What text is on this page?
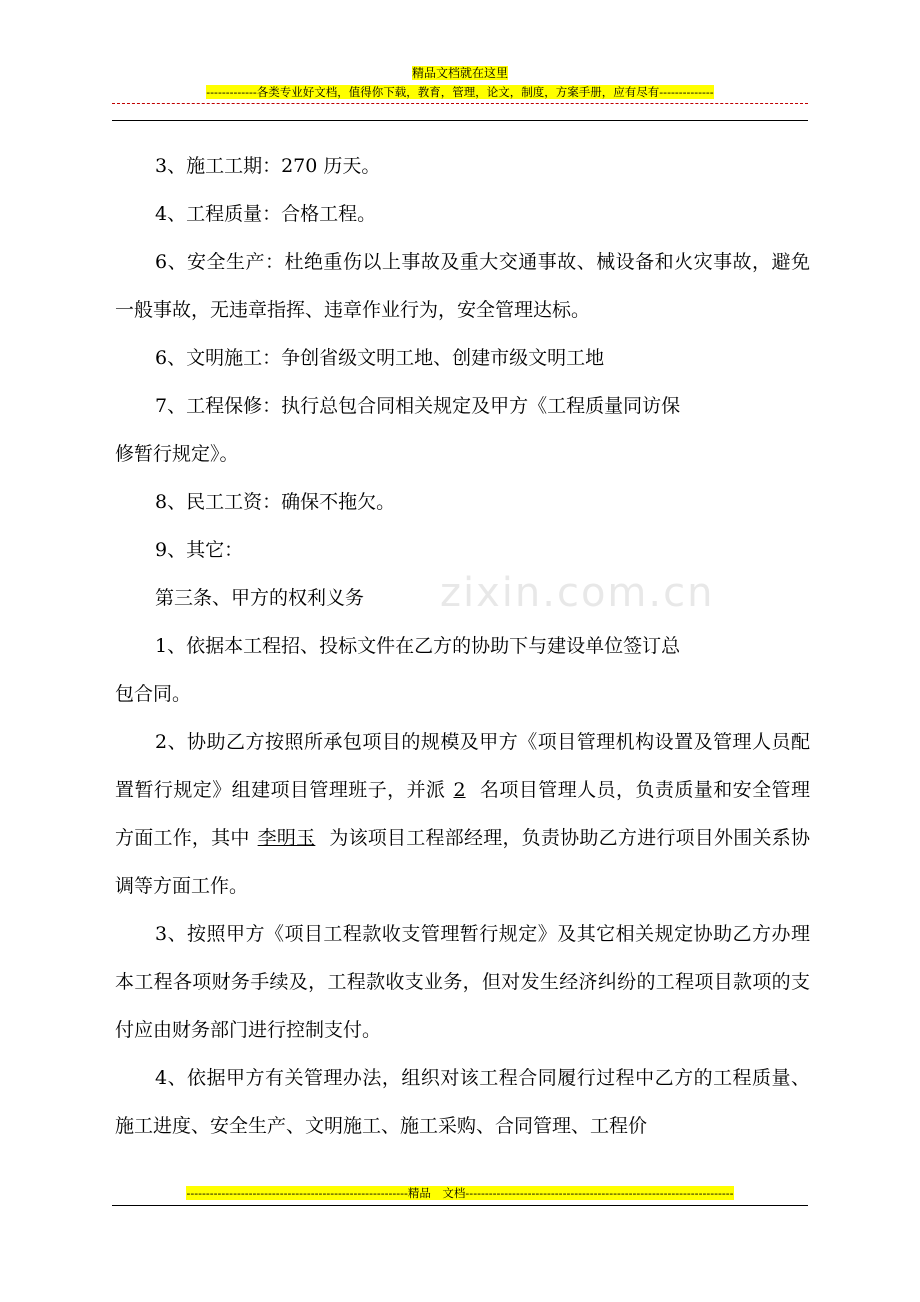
精品文档就在这里
-------------各类专业好文档，值得你下载，教育，管理，论文，制度，方案手册，应有尽有--------------

3、施工工期：270 历天。

4、工程质量：合格工程。

6、安全生产：杜绝重伤以上事故及重大交通事故、械设备和火灾事故，避免一般事故，无违章指挥、违章作业行为，安全管理达标。

6、文明施工：争创省级文明工地、创建市级文明工地

7、工程保修：执行总包合同相关规定及甲方《工程质量同访保

修暂行规定》。

8、民工工资：确保不拖欠。

9、其它：

第三条、甲方的权利义务

1、依据本工程招、投标文件在乙方的协助下与建设单位签订总

包合同。

2、协助乙方按照所承包项目的规模及甲方《项目管理机构设置及管理人员配置暂行规定》组建项目管理班子，并派 2 名项目管理人员，负责质量和安全管理方面工作，其中 李明玉 为该项目工程部经理，负责协助乙方进行项目外围关系协调等方面工作。

3、按照甲方《项目工程款收支管理暂行规定》及其它相关规定协助乙方办理本工程各项财务手续及，工程款收支业务，但对发生经济纠纷的工程项目款项的支付应由财务部门进行控制支付。

4、依据甲方有关管理办法，组织对该工程合同履行过程中乙方的工程质量、施工进度、安全生产、文明施工、施工采购、合同管理、工程价

zixin.com.cn
---------------------------------------------------------精品　文档---------------------------------------------------------------------
